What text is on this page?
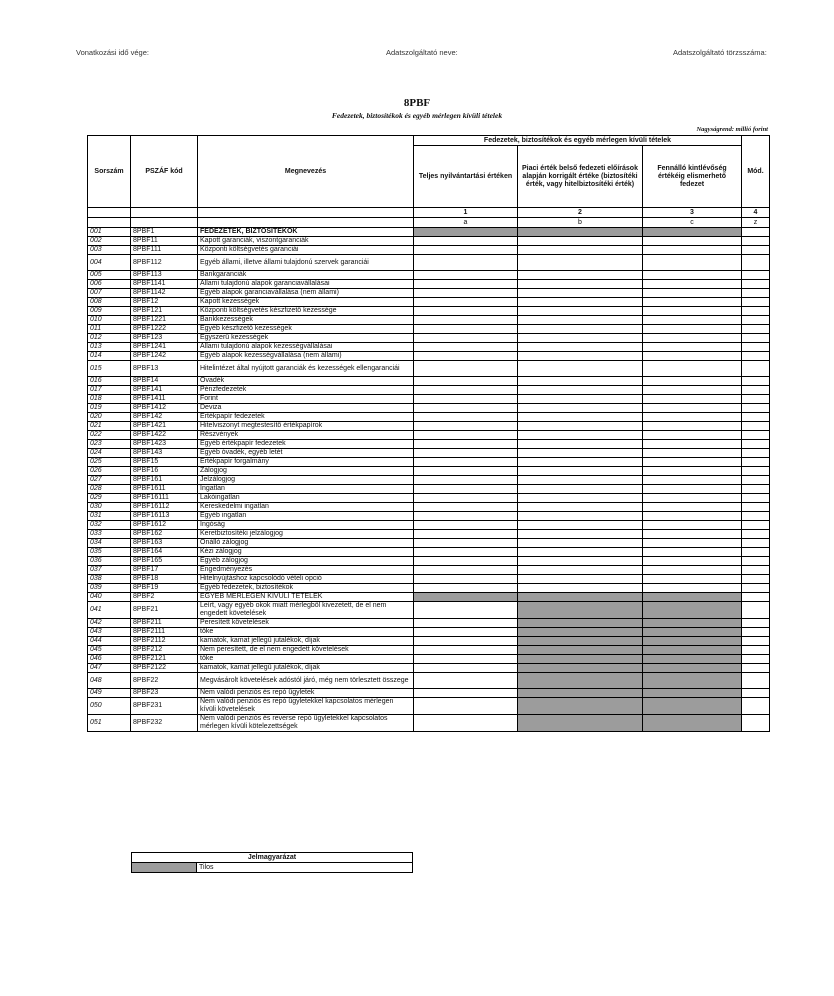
Vonatkozási idő vége:	Adatszolgáltató neve:	Adatszolgáltató törzsszáma:
8PBF
Fedezetek, biztosítékok és egyéb mérlegen kívüli tételek
Nagyságrend: millió forint
Sorszám	PSZÁF kód	Megnevezés	Fedezetek, biztosítékok és egyéb mérlegen kívüli tételek			Mód.
			Teljes nyilvántartási értéken	Piaci érték belső fedezeti előírások alapján korrigált értéke (biztosítéki érték, vagy hitelbiztosítéki érték)	Fennálló kintlévőség értékéig elismerhető fedezet	
			1	2	3	4
			a	b	c	z
001	8PBF1	FEDEZETEK, BIZTOSÍTÉKOK				
002	8PBF11	Kapott garanciák, viszontgaranciák				
003	8PBF111	Központi költségvetés garanciái				
004	8PBF112	Egyéb állami, illetve állami tulajdonú szervek garanciái				
005	8PBF113	Bankgaranciák				
006	8PBF1141	Állami tulajdonú alapok garanciavállalásai				
007	8PBF1142	Egyéb alapok garanciavállalása (nem állami)				
008	8PBF12	Kapott kezességek				
009	8PBF121	Központi költségvetés készfizető kezessége				
010	8PBF1221	Bankkezességek				
011	8PBF1222	Egyéb készfizető kezességek				
012	8PBF123	Egyszerű kezességek				
013	8PBF1241	Állami tulajdonú alapok kezességvállalásai				
014	8PBF1242	Egyéb alapok kezességvállalása (nem állami)				
015	8PBF13	Hitelintézet által nyújtott garanciák és kezességek ellengaranciái				
016	8PBF14	Óvadék				
017	8PBF141	Pénzfedezetek				
018	8PBF1411	Forint				
019	8PBF1412	Deviza				
020	8PBF142	Értékpapír fedezetek				
021	8PBF1421	Hitelviszonyt megtestesítő értékpapírok				
022	8PBF1422	Részvények				
023	8PBF1423	Egyéb értékpapír fedezetek				
024	8PBF143	Egyéb óvadék, egyéb letét				
025	8PBF15	Értékpapír forgalmány				
026	8PBF16	Zálogjog				
027	8PBF161	Jelzálogjog				
028	8PBF1611	Ingatlan				
029	8PBF16111	Lakóingatlan				
030	8PBF16112	Kereskedelmi ingatlan				
031	8PBF16113	Egyéb ingatlan				
032	8PBF1612	Ingóság				
033	8PBF162	Keretbiztosítéki jelzálogjog				
034	8PBF163	Önálló zálogjog				
035	8PBF164	Kézi zálogjog				
036	8PBF165	Egyéb zálogjog				
037	8PBF17	Engedményezés				
038	8PBF18	Hitelnyújtáshoz kapcsolódó vételi opció				
039	8PBF19	Egyéb fedezetek, biztosítékok				
040	8PBF2	EGYÉB MÉRLEGEN KÍVÜLI TÉTELEK				
041	8PBF21	Leírt, vagy egyéb okok miatt mérlegből kivezetett, de el nem engedett követelések				
042	8PBF211	Peresített követelések				
043	8PBF2111	tőke				
044	8PBF2112	kamatok, kamat jellegű jutalékok, díjak				
045	8PBF212	Nem peresített, de el nem engedett követelések				
046	8PBF2121	tőke				
047	8PBF2122	kamatok, kamat jellegű jutalékok, díjak				
048	8PBF22	Megvásárolt követelések adóstól járó, még nem törlesztett összege				
049	8PBF23	Nem valódi penziós és repó ügyletek				
050	8PBF231	Nem valódi penziós és repó ügyletekkel kapcsolatos mérlegen kívüli követelések				
051	8PBF232	Nem valódi penziós és reverse repó ügyletekkel kapcsolatos mérlegen kívüli kötelezettségek				
Jelmagyarázat
	Tilos
